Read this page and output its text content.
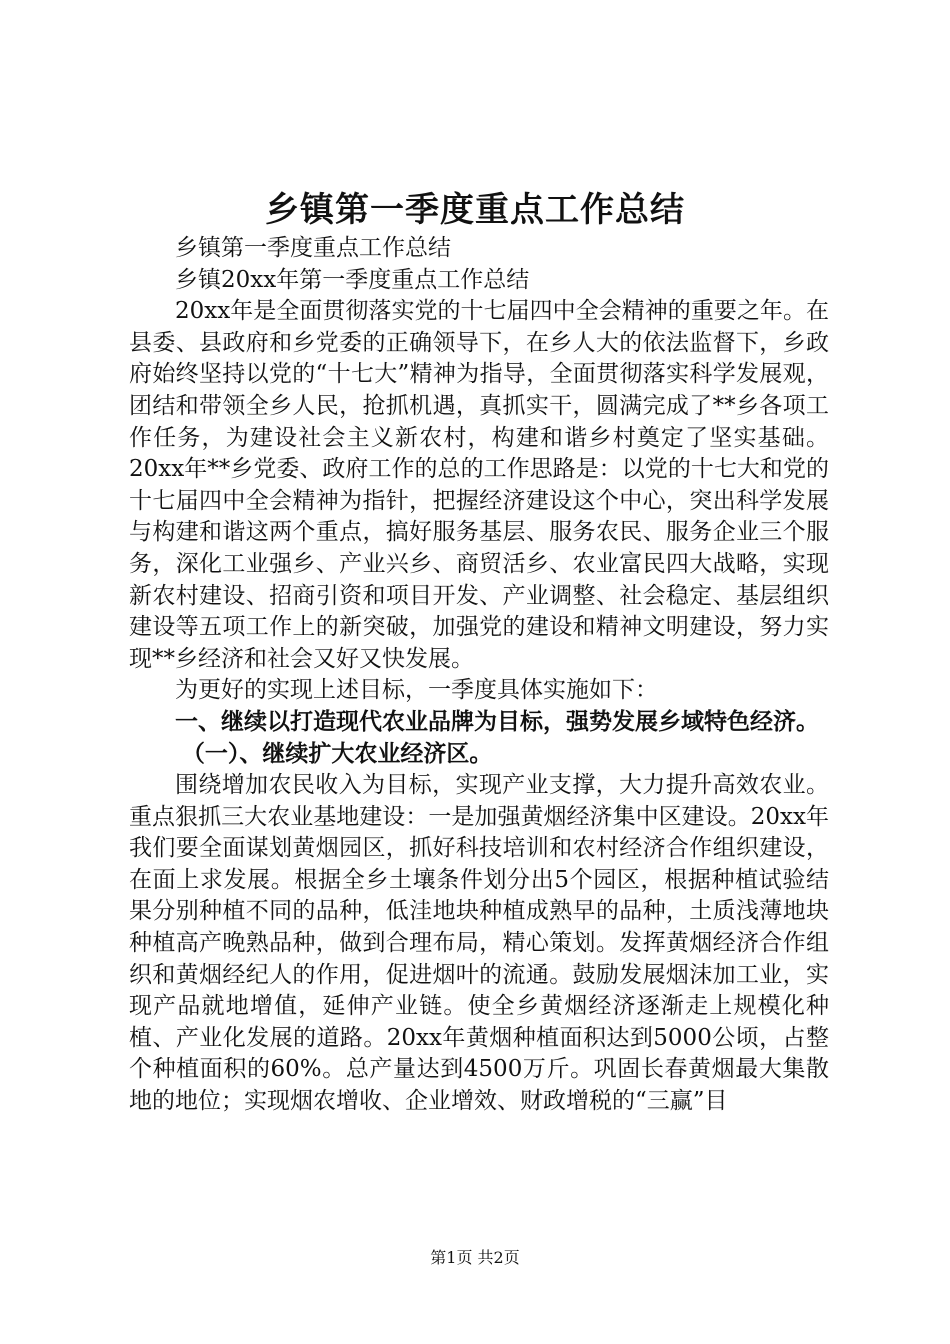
乡镇第一季度重点工作总结

乡镇第一季度重点工作总结

乡镇20xx年第一季度重点工作总结

20xx年是全面贯彻落实党的十七届四中全会精神的重要之年。在县委、县政府和乡党委的正确领导下，在乡人大的依法监督下，乡政府始终坚持以党的“十七大”精神为指导，全面贯彻落实科学发展观，团结和带领全乡人民，抢抓机遇，真抓实干，圆满完成了**乡各项工作任务，为建设社会主义新农村，构建和谐乡村奠定了坚实基础。20xx年**乡党委、政府工作的总的工作思路是：以党的十七大和党的十七届四中全会精神为指针，把握经济建设这个中心，突出科学发展与构建和谐这两个重点，搞好服务基层、服务农民、服务企业三个服务，深化工业强乡、产业兴乡、商贸活乡、农业富民四大战略，实现新农村建设、招商引资和项目开发、产业调整、社会稳定、基层组织建设等五项工作上的新突破，加强党的建设和精神文明建设，努力实现**乡经济和社会又好又快发展。

为更好的实现上述目标，一季度具体实施如下：

一、继续以打造现代农业品牌为目标，强势发展乡域特色经济。

（一）、继续扩大农业经济区。

围绕增加农民收入为目标，实现产业支撑，大力提升高效农业。重点狠抓三大农业基地建设：一是加强黄烟经济集中区建设。20xx年我们要全面谋划黄烟园区，抓好科技培训和农村经济合作组织建设，在面上求发展。根据全乡土壤条件划分出5个园区，根据种植试验结果分别种植不同的品种，低洼地块种植成熟早的品种，土质浅薄地块种植高产晚熟品种，做到合理布局，精心策划。发挥黄烟经济合作组织和黄烟经纪人的作用，促进烟叶的流通。鼓励发展烟沫加工业，实现产品就地增值，延伸产业链。使全乡黄烟经济逐渐走上规模化种植、产业化发展的道路。20xx年黄烟种植面积达到5000公顷，占整个种植面积的60%。总产量达到4500万斤。巩固长春黄烟最大集散地的地位；实现烟农增收、企业增效、财政增税的“三赢”目

第1页 共2页
